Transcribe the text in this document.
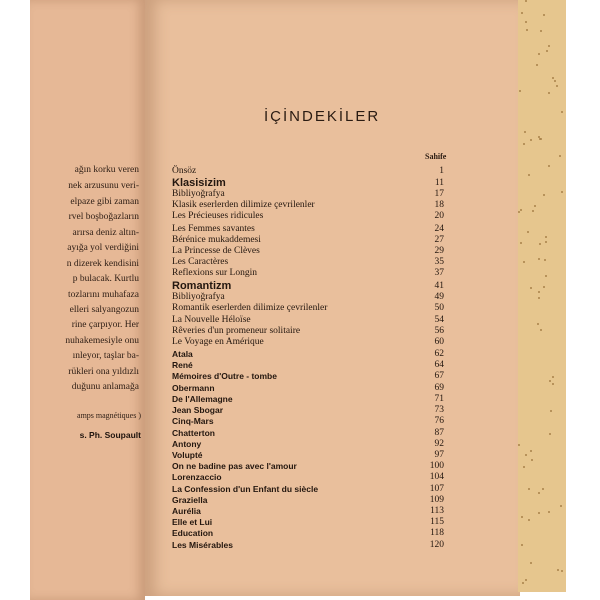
ağın korku veren
nek arzusunu veri-
elpaze gibi zaman
rvel boşboğazların
arırsa deniz altın-
ayığa yol verdiğini
n dizerek kendisini
p bulacak. Kurtlu
tozlarını muhafaza
elleri salyangozun
rine çarpıyor. Her
nuhakemesiyle onu
ınleyor, taşlar ba-
rükleri ona yıldızlı
duğunu anlamağa
amps magnétiques )
s. Ph. Soupault
İÇİNDEKİLER
Sahife
Önsöz	1
Klasisizim	11
Bibliyoğrafya	17
Klasik eserlerden dilimize çevrilenler	18
Les Précieuses ridicules	20
Les Femmes savantes	24
Bérénice mukaddemesi	27
La Princesse de Clèves	29
Les Caractères	35
Reflexions sur Longin	37
Romantizm	41
Bibliyoğrafya	49
Romantik eserlerden dilimize çevrilenler	50
La Nouvelle Héloïse	54
Rêveries d'un promeneur solitaire	56
Le Voyage en Amérique	60
Atala	62
René	64
Mémoires d'Outre - tombe	67
Obermann	69
De l'Allemagne	71
Jean Sbogar	73
Cinq-Mars	76
Chatterton	87
Antony	92
Volupté	97
On ne badine pas avec l'amour	100
Lorenzaccio	104
La Confession d'un Enfant du siècle	107
Graziella	109
Aurélia	113
Elle et Lui	115
Education	118
Les Misérables	120
